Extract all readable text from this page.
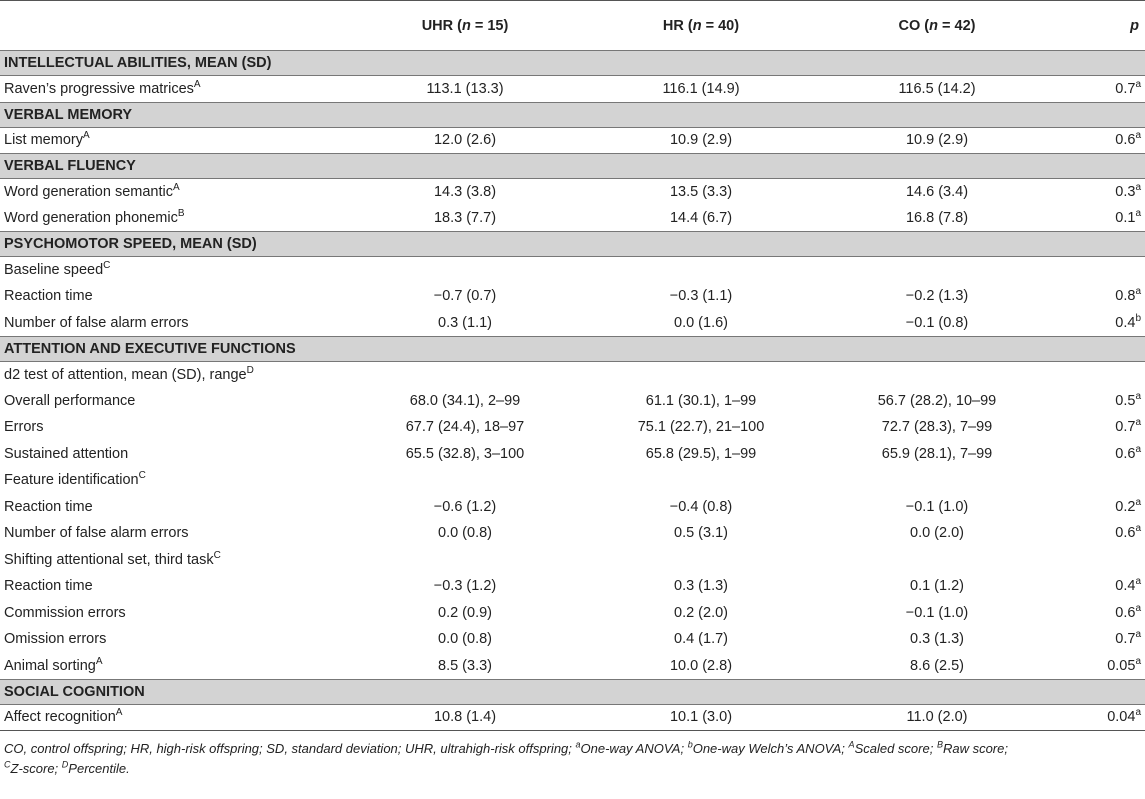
	UHR (n = 15)	HR (n = 40)	CO (n = 42)	p
INTELLECTUAL ABILITIES, MEAN (SD)				
Raven’s progressive matrices$^A$	113.1 (13.3)	116.1 (14.9)	116.5 (14.2)	0.7$^a$
VERBAL MEMORY				
List memory$^A$	12.0 (2.6)	10.9 (2.9)	10.9 (2.9)	0.6$^a$
VERBAL FLUENCY				
Word generation semantic$^A$	14.3 (3.8)	13.5 (3.3)	14.6 (3.4)	0.3$^a$
Word generation phonemic$^B$	18.3 (7.7)	14.4 (6.7)	16.8 (7.8)	0.1$^a$
PSYCHOMOTOR SPEED, MEAN (SD)				
Baseline speed$^C$				
Reaction time	−0.7 (0.7)	−0.3 (1.1)	−0.2 (1.3)	0.8$^a$
Number of false alarm errors	0.3 (1.1)	0.0 (1.6)	−0.1 (0.8)	0.4$^b$
ATTENTION AND EXECUTIVE FUNCTIONS				
d2 test of attention, mean (SD), range$^D$				
Overall performance	68.0 (34.1), 2–99	61.1 (30.1), 1–99	56.7 (28.2), 10–99	0.5$^a$
Errors	67.7 (24.4), 18–97	75.1 (22.7), 21–100	72.7 (28.3), 7–99	0.7$^a$
Sustained attention	65.5 (32.8), 3–100	65.8 (29.5), 1–99	65.9 (28.1), 7–99	0.6$^a$
Feature identification$^C$				
Reaction time	−0.6 (1.2)	−0.4 (0.8)	−0.1 (1.0)	0.2$^a$
Number of false alarm errors	0.0 (0.8)	0.5 (3.1)	0.0 (2.0)	0.6$^a$
Shifting attentional set, third task$^C$				
Reaction time	−0.3 (1.2)	0.3 (1.3)	0.1 (1.2)	0.4$^a$
Commission errors	0.2 (0.9)	0.2 (2.0)	−0.1 (1.0)	0.6$^a$
Omission errors	0.0 (0.8)	0.4 (1.7)	0.3 (1.3)	0.7$^a$
Animal sorting$^A$	8.5 (3.3)	10.0 (2.8)	8.6 (2.5)	0.05$^a$
SOCIAL COGNITION				
Affect recognition$^A$	10.8 (1.4)	10.1 (3.0)	11.0 (2.0)	0.04$^a$
CO, control offspring; HR, high-risk offspring; SD, standard deviation; UHR, ultrahigh-risk offspring; $^a$One-way ANOVA; $^b$One-way Welch’s ANOVA; $^A$Scaled score; $^B$Raw score;
$^C$Z-score; $^D$Percentile.
